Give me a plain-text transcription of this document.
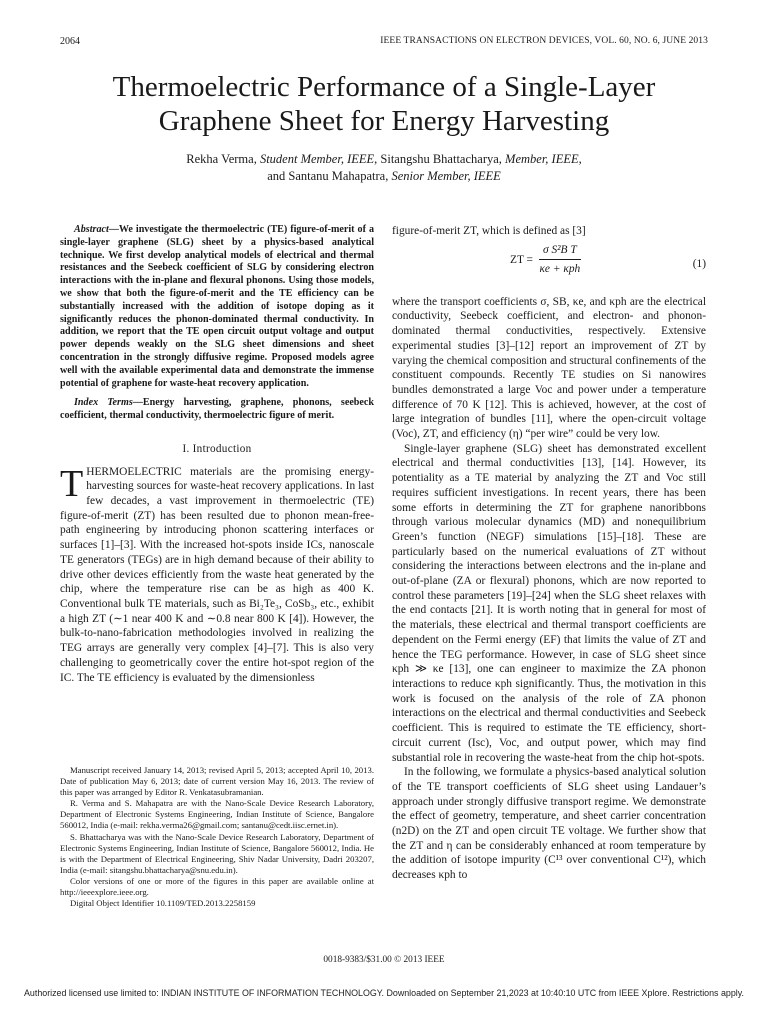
2064	IEEE TRANSACTIONS ON ELECTRON DEVICES, VOL. 60, NO. 6, JUNE 2013
Thermoelectric Performance of a Single-Layer
Graphene Sheet for Energy Harvesting
Rekha Verma, Student Member, IEEE, Sitangshu Bhattacharya, Member, IEEE,
and Santanu Mahapatra, Senior Member, IEEE

Abstract—We investigate the thermoelectric (TE) figure-of-merit of a single-layer graphene (SLG) sheet by a physics-based analytical technique. We first develop analytical models of electrical and thermal resistances and the Seebeck coefficient of SLG by considering electron interactions with the in-plane and flexural phonons. Using those models, we show that both the figure-of-merit and the TE efficiency can be substantially increased with the addition of isotope doping as it significantly reduces the phonon-dominated thermal conductivity. In addition, we report that the TE open circuit output voltage and output power depends weakly on the SLG sheet dimensions and sheet concentration in the strongly diffusive regime. Proposed models agree well with the available experimental data and demonstrate the immense potential of graphene for waste-heat recovery application.

Index Terms—Energy harvesting, graphene, phonons, seebeck coefficient, thermal conductivity, thermoelectric figure of merit.

I. Introduction

THERMOELECTRIC materials are the promising energy-harvesting sources for waste-heat recovery applications. In last few decades, a vast improvement in thermoelectric (TE) figure-of-merit (ZT) has been resulted due to phonon mean-free-path engineering by introducing phonon scattering interfaces or surfaces [1]–[3]. With the increased hot-spots inside ICs, nanoscale TE generators (TEGs) are in high demand because of their ability to drive other devices efficiently from the waste heat generated by the chip, where the temperature rise can be as high as 400 K. Conventional bulk TE materials, such as Bi₂Te₃, CoSb₃, etc., exhibit a high ZT (∼1 near 400 K and ∼0.8 near 800 K [4]). However, the bulk-to-nano-fabrication methodologies involved in realizing the TEG arrays are generally very complex [4]–[7]. This is also very challenging to geometrically cover the entire hot-spot region of the IC. The TE efficiency is evaluated by the dimensionless

Manuscript received January 14, 2013; revised April 5, 2013; accepted April 10, 2013. Date of publication May 6, 2013; date of current version May 16, 2013. The review of this paper was arranged by Editor R. Venkatasubramanian.

R. Verma and S. Mahapatra are with the Nano-Scale Device Research Laboratory, Department of Electronic Systems Engineering, Indian Institute of Science, Bangalore 560012, India (e-mail: rekha.verma26@gmail.com; santanu@cedt.iisc.ernet.in).

S. Bhattacharya was with the Nano-Scale Device Research Laboratory, Department of Electronic Systems Engineering, Indian Institute of Science, Bangalore 560012, India. He is with the Department of Electrical Engineering, Shiv Nadar University, Dadri 203207, India (e-mail: sitangshu.bhattacharya@snu.edu.in).

Color versions of one or more of the figures in this paper are available online at http://ieeexplore.ieee.org.

Digital Object Identifier 10.1109/TED.2013.2258159

figure-of-merit ZT, which is defined as [3]

ZT = $\frac{\text{σ S²B T}}{\text{κe + κph}}$	(1)

where the transport coefficients σ, SB, κe, and κph are the electrical conductivity, Seebeck coefficient, and electron- and phonon-dominated thermal conductivities, respectively. Extensive experimental studies [3]–[12] report an improvement of ZT by varying the chemical composition and structural confinements of the constituent compounds. Recently TE studies on Si nanowires bundles demonstrated a large Voc and power under a temperature difference of 70 K [12]. This is achieved, however, at the cost of large integration of bundles [11], where the open-circuit voltage (Voc), ZT, and efficiency (η) “per wire” could be very low.

Single-layer graphene (SLG) sheet has demonstrated excellent electrical and thermal conductivities [13], [14]. However, its potentiality as a TE material by analyzing the ZT and Voc still requires sufficient investigations. In recent years, there has been some efforts in determining the ZT for graphene nanoribbons through various molecular dynamics (MD) and nonequilibrium Green’s function (NEGF) simulations [15]–[18]. These are particularly based on the numerical evaluations of ZT without considering the interactions between electrons and the in-plane and out-of-plane (ZA or flexural) phonons, which are now reported to control these parameters [19]–[24] when the SLG sheet relaxes with the end contacts [21]. It is worth noting that in general for most of the materials, these electrical and thermal transport coefficients are dependent on the Fermi energy (EF) that limits the value of ZT and hence the TEG performance. However, in case of SLG sheet since κph ≫ κe [13], one can engineer to maximize the ZA phonon interactions to reduce κph significantly. Thus, the motivation in this work is focused on the analysis of the role of ZA phonon interactions on the electrical and thermal conductivities and Seebeck coefficient. This is required to estimate the TE efficiency, short-circuit current (Isc), Voc, and output power, which may find substantial role in recovering the waste-heat from the chip hot-spots.

In the following, we formulate a physics-based analytical solution of the TE transport coefficients of SLG sheet using Landauer’s approach under strongly diffusive transport regime. We demonstrate the effect of geometry, temperature, and sheet carrier concentration (n2D) on the ZT and open circuit TE voltage. We further show that the ZT and η can be considerably enhanced at room temperature by the addition of isotope impurity (C¹³ over conventional C¹²), which decreases κph to

0018-9383/$31.00 © 2013 IEEE
Authorized licensed use limited to: INDIAN INSTITUTE OF INFORMATION TECHNOLOGY. Downloaded on September 21,2023 at 10:40:10 UTC from IEEE Xplore. Restrictions apply.
